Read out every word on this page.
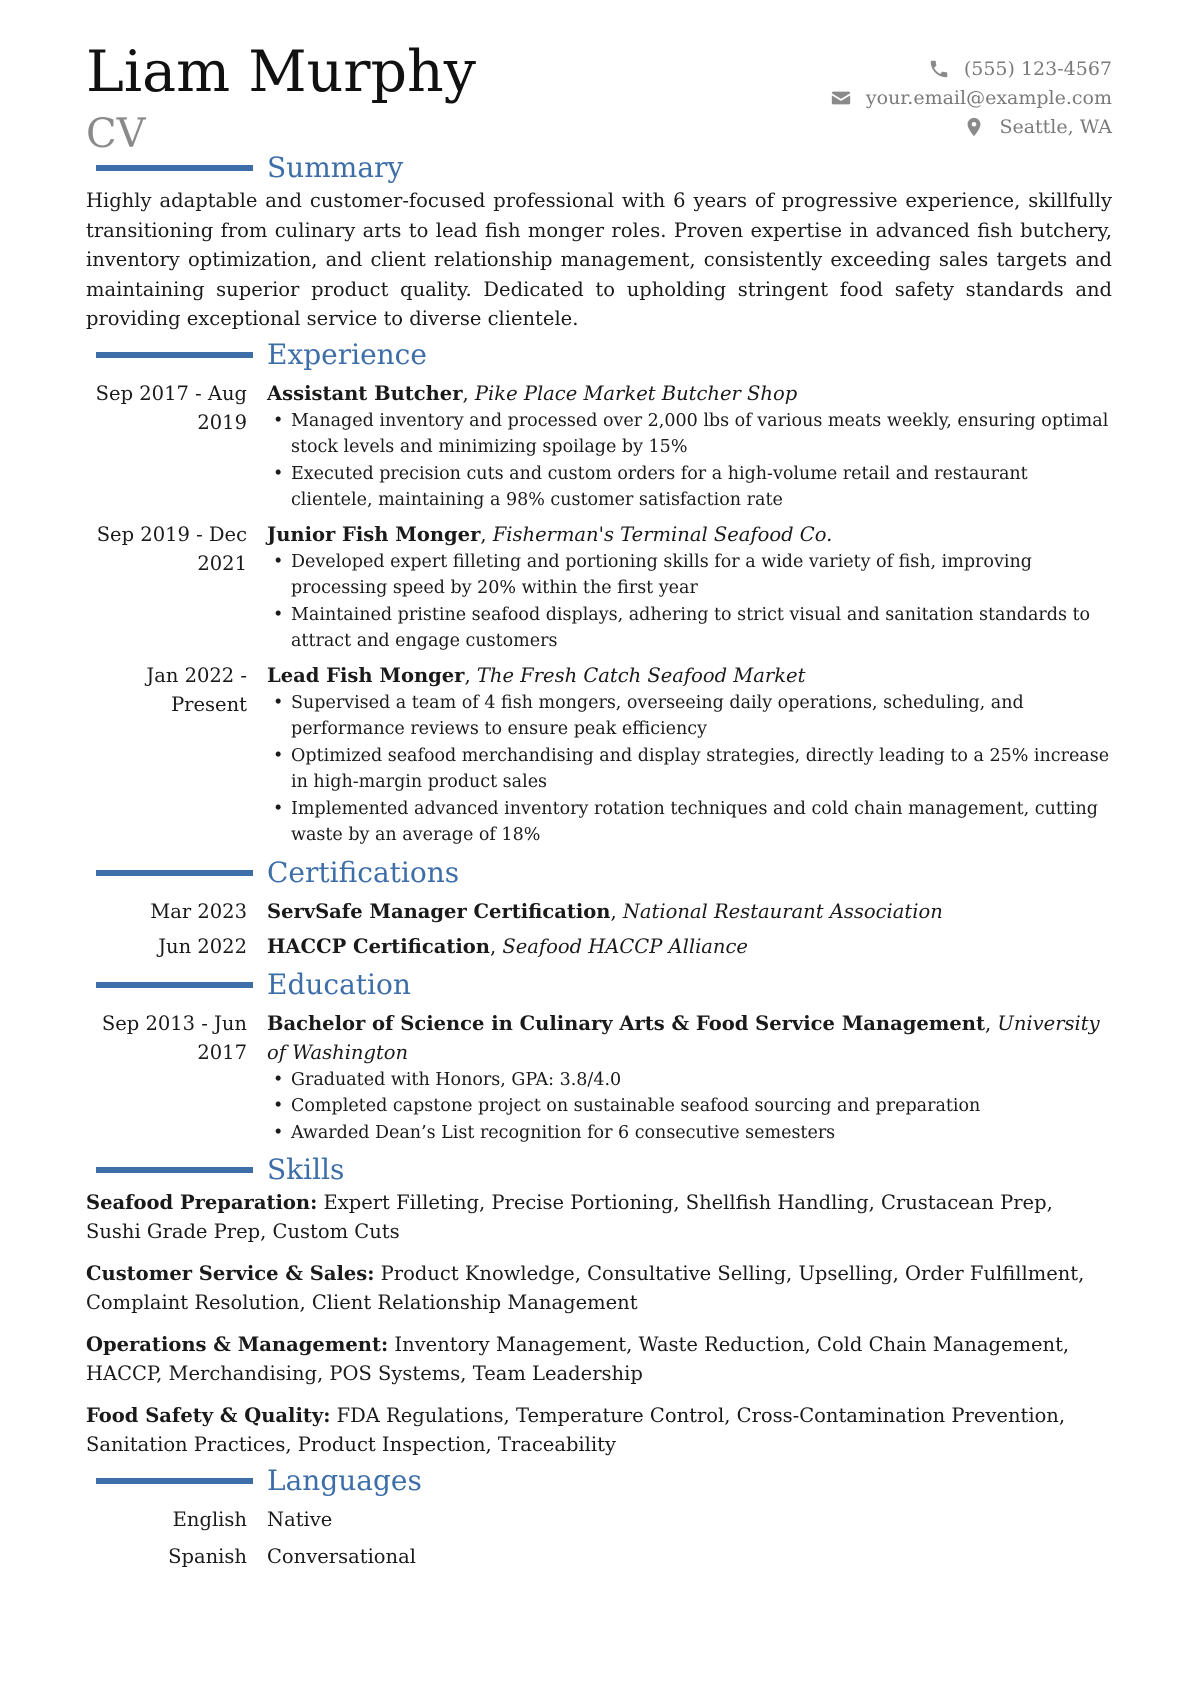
Liam Murphy
CV
(555) 123-4567
your.email@example.com
Seattle, WA
Summary

Highly adaptable and customer-focused professional with 6 years of progressive experience, skillfully transitioning from culinary arts to lead fish monger roles. Proven expertise in advanced fish butchery, inventory optimization, and client relationship management, consistently exceeding sales targets and maintaining superior product quality. Dedicated to upholding stringent food safety standards and providing exceptional service to diverse clientele.

Experience
Sep 2017 - Aug 2019
Assistant Butcher, Pike Place Market Butcher Shop
• Managed inventory and processed over 2,000 lbs of various meats weekly, ensuring optimal stock levels and minimizing spoilage by 15%
• Executed precision cuts and custom orders for a high-volume retail and restaurant clientele, maintaining a 98% customer satisfaction rate
Sep 2019 - Dec 2021
Junior Fish Monger, Fisherman's Terminal Seafood Co.
• Developed expert filleting and portioning skills for a wide variety of fish, improving processing speed by 20% within the first year
• Maintained pristine seafood displays, adhering to strict visual and sanitation standards to attract and engage customers
Jan 2022 - Present
Lead Fish Monger, The Fresh Catch Seafood Market
• Supervised a team of 4 fish mongers, overseeing daily operations, scheduling, and performance reviews to ensure peak efficiency
• Optimized seafood merchandising and display strategies, directly leading to a 25% increase in high-margin product sales
• Implemented advanced inventory rotation techniques and cold chain management, cutting waste by an average of 18%
Certifications
Mar 2023 ServSafe Manager Certification, National Restaurant Association
Jun 2022 HACCP Certification, Seafood HACCP Alliance
Education
Sep 2013 - Jun 2017
Bachelor of Science in Culinary Arts & Food Service Management, University of Washington
• Graduated with Honors, GPA: 3.8/4.0
• Completed capstone project on sustainable seafood sourcing and preparation
• Awarded Dean’s List recognition for 6 consecutive semesters
Skills
Seafood Preparation: Expert Filleting, Precise Portioning, Shellfish Handling, Crustacean Prep, Sushi Grade Prep, Custom Cuts
Customer Service & Sales: Product Knowledge, Consultative Selling, Upselling, Order Fulfillment, Complaint Resolution, Client Relationship Management
Operations & Management: Inventory Management, Waste Reduction, Cold Chain Management, HACCP, Merchandising, POS Systems, Team Leadership
Food Safety & Quality: FDA Regulations, Temperature Control, Cross-Contamination Prevention, Sanitation Practices, Product Inspection, Traceability
Languages
English Native
Spanish Conversational
